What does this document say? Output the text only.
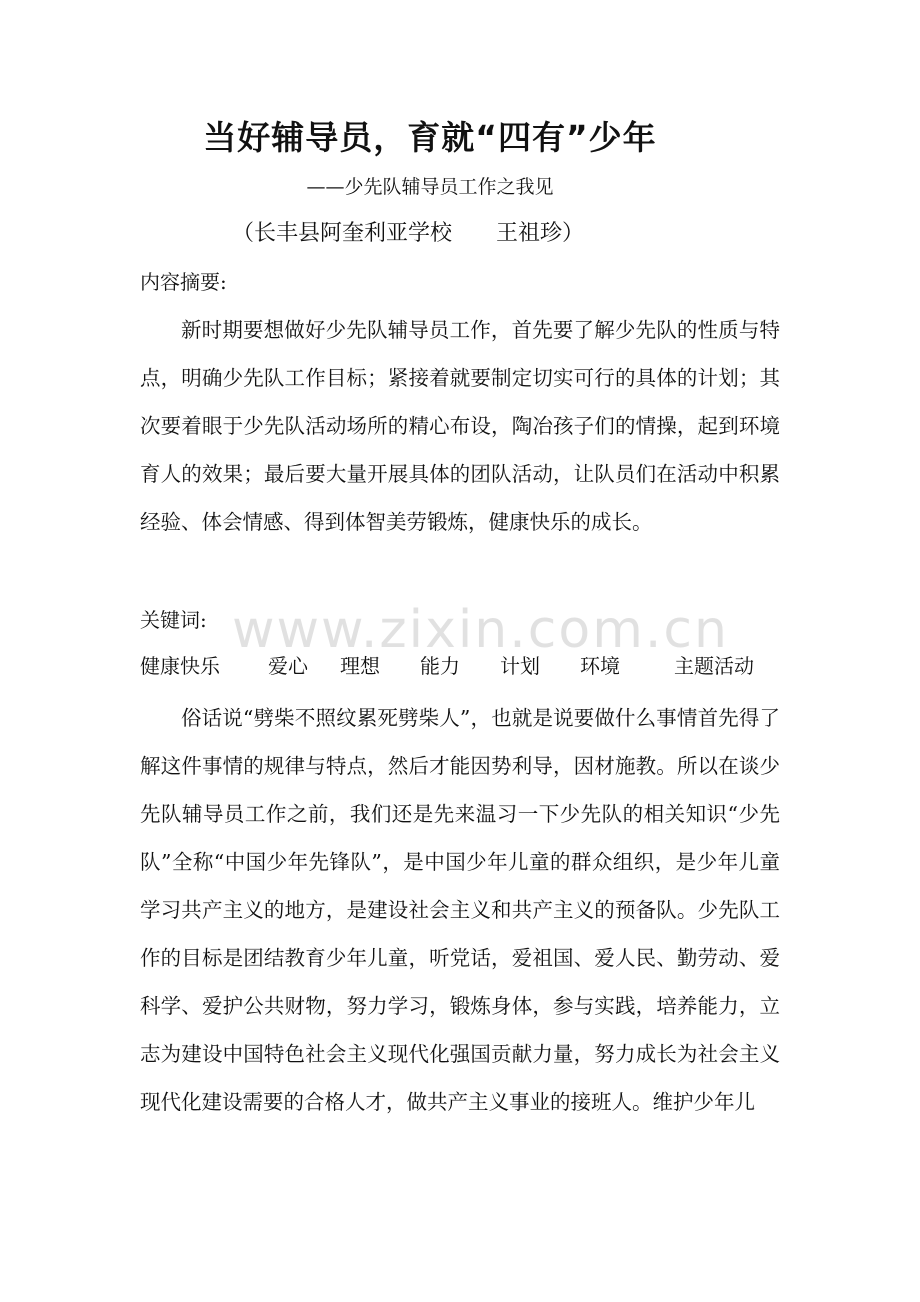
当好辅导员，育就“四有”少年
——少先队辅导员工作之我见
（长丰县阿奎利亚学校 王祖珍）
内容摘要:

新时期要想做好少先队辅导员工作，首先要了解少先队的性质与特点，明确少先队工作目标；紧接着就要制定切实可行的具体的计划；其次要着眼于少先队活动场所的精心布设，陶冶孩子们的情操，起到环境育人的效果；最后要大量开展具体的团队活动，让队员们在活动中积累经验、体会情感、得到体智美劳锻炼，健康快乐的成长。

关键词:
健康快乐	爱心	理想	能力	计划	环境	主题活动

俗话说“劈柴不照纹累死劈柴人”，也就是说要做什么事情首先得了解这件事情的规律与特点，然后才能因势利导，因材施教。所以在谈少先队辅导员工作之前，我们还是先来温习一下少先队的相关知识“少先队”全称“中国少年先锋队”，是中国少年儿童的群众组织，是少年儿童学习共产主义的地方，是建设社会主义和共产主义的预备队。少先队工作的目标是团结教育少年儿童，听党话，爱祖国、爱人民、勤劳动、爱科学、爱护公共财物，努力学习，锻炼身体，参与实践，培养能力，立志为建设中国特色社会主义现代化强国贡献力量，努力成长为社会主义现代化建设需要的合格人才，做共产主义事业的接班人。维护少年儿

www.zixin.com.cn
